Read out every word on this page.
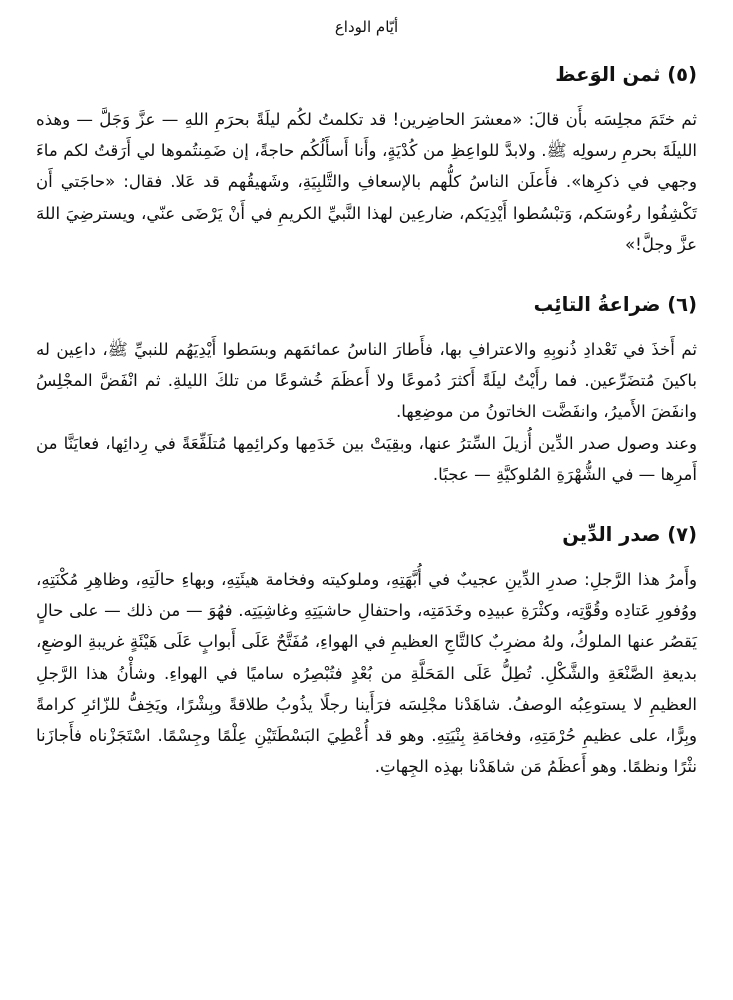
أيّام الوداع
(٥) ثمن الوَعظ

ثم ختَمَ مجلِسَه بأَن قالَ: «معشرَ الحاضِرين! قد تكلمتُ لكُم ليلَةً بحرَمِ اللهِ — عزَّ وَجَلَّ — وهذه الليلَةَ بحرمِ رسولِه ﷺ. ولابدَّ للواعِظِ من كُدْيَةٍ، وأَنا أَسأَلُكُم حاجةً، إن ضَمِنتُموها لي أَرَقتُ لكم ماءَ وجهي في ذكرِها». فأَعلَن الناسُ كلُّهم بالإسعافِ والتَّلبِيَةِ، وشَهيقُهم قد عَلا. فقال: «حاجَتي أَن تَكْشِفُوا رءُوسَكم، وَتبْسُطوا أَيْدِيَكم، ضارعِين لهذا النَّبيِّ الكريمِ في أَنْ يَرْضَى عنّي، ويسترضِيَ اللهَ عزَّ وجلَّ!»

(٦) ضراعةُ التائِب

ثم أَخذَ في تَعْدادِ ذُنوبِهِ والاعترافِ بها، فأَطارَ الناسُ عمائمَهم وبسَطوا أَيْدِيَهُم للنبيِّ ﷺ، داعِين له باكينَ مُتضَرِّعين. فما رأَيْتُ ليلَةً أَكثرَ دُموعًا ولا أَعظَمَ خُشوعًا من تلكَ الليلةِ. ثم انْفَضَّ المجْلِسُ وانفَضَ الأَميرُ، وانفَضَّت الخاتونُ من موضِعِها.

وعند وصول صدر الدِّين أُزيلَ السِّترُ عنها، وبقِيَتْ بين خَدَمِها وكرائِمِها مُتلَفِّعَةً في رِدائِها، فعايَنَّا من أَمرِها — في الشُّهْرَةِ المُلوكيَّةِ — عجبًا.

(٧) صدر الدِّين

وأَمرُ هذا الرَّجلِ: صدرِ الدِّينِ عجيبٌ في أُبَّهَتِهِ، وملوكيته وفخامة هيئَتِهِ، وبهاءِ حالَتِهِ، وظاهِرِ مُكْنَتِهِ، ووُفورِ عَتادِه وقُوَّتِه، وكثْرَةِ عبيدِه وخَدَمَتِه، واحتفالِ حاشيَتِهِ وغاشِيَتِه. فهُوَ — من ذلك — على حالٍ يَقصُر عنها الملوكُ، ولهُ مضرِبٌ كالتَّاجِ العظيمِ في الهواءِ، مُفَتَّحٌ عَلَى أَبوابٍ عَلَى هَيْئَةٍ غريبةِ الوضعِ، بديعةِ الصَّنْعَةِ والشَّكْلِ. تُطِلُّ عَلَى المَحَلَّةِ من بُعْدٍ فتُبْصِرُه ساميًا في الهواءِ. وشأْنُ هذا الرَّجلِ العظيمِ لا يستوعِبُه الوصفُ. شاهَدْنا مجْلِسَه فرَأَينا رجلًا يذُوبُ طلاقةً وبِشْرًا، ويَخِفُّ للزّائرِ كرامةً وبِرًّا، على عظيمِ حُرْمَتِهِ، وفخامَةِ بِنْيَتِهِ. وهو قد أُعْطِيَ البَسْطَتَيْنِ عِلْمًا وجِسْمًا. اسْتَجَزْناه فأَجازَنا نثْرًا ونظمًا. وهو أَعظَمُ مَن شاهَدْنا بهذِه الجِهاتِ.
